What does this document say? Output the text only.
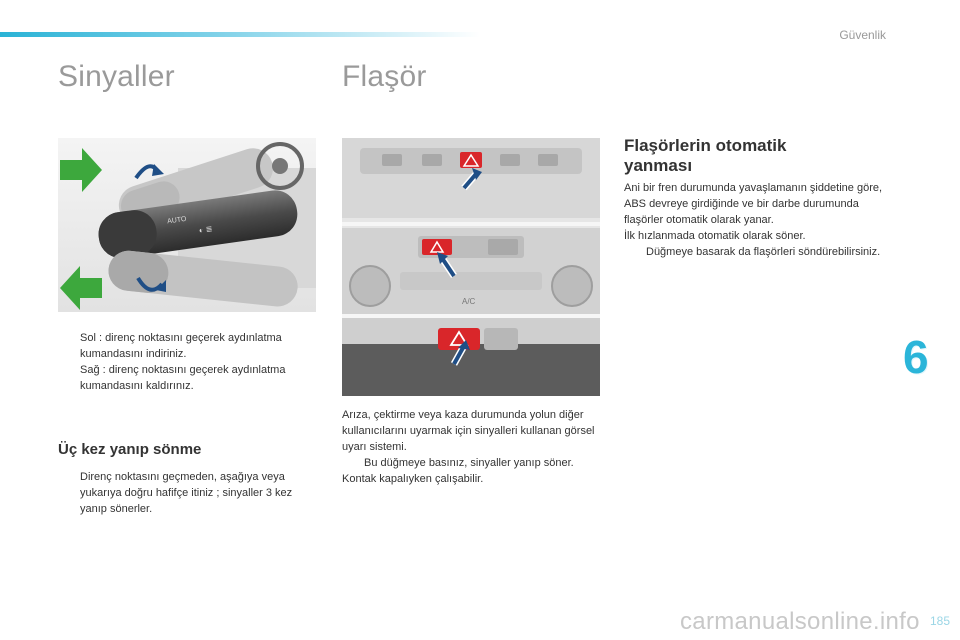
Güvenlik
Sinyaller
AUTO
◐ ≣
Sol : direnç noktasını geçerek aydınlatma kumandasını indiriniz.
Sağ : direnç noktasını geçerek aydınlatma kumandasını kaldırınız.
Üç kez yanıp sönme
Direnç noktasını geçmeden, aşağıya veya yukarıya doğru hafifçe itiniz ; sinyaller 3 kez yanıp sönerler.
Flaşör
A/C

Arıza, çektirme veya kaza durumunda yolun diğer kullanıcılarını uyarmak için sinyalleri kullanan görsel uyarı sistemi.

Bu düğmeye basınız, sinyaller yanıp söner.

Kontak kapalıyken çalışabilir.

Flaşörlerin otomatik
yanması

Ani bir fren durumunda yavaşlamanın şiddetine göre, ABS devreye girdiğinde ve bir darbe durumunda flaşörler otomatik olarak yanar.

İlk hızlanmada otomatik olarak söner.

Düğmeye basarak da flaşörleri söndürebilirsiniz.
6
carmanualsonline.info 185
